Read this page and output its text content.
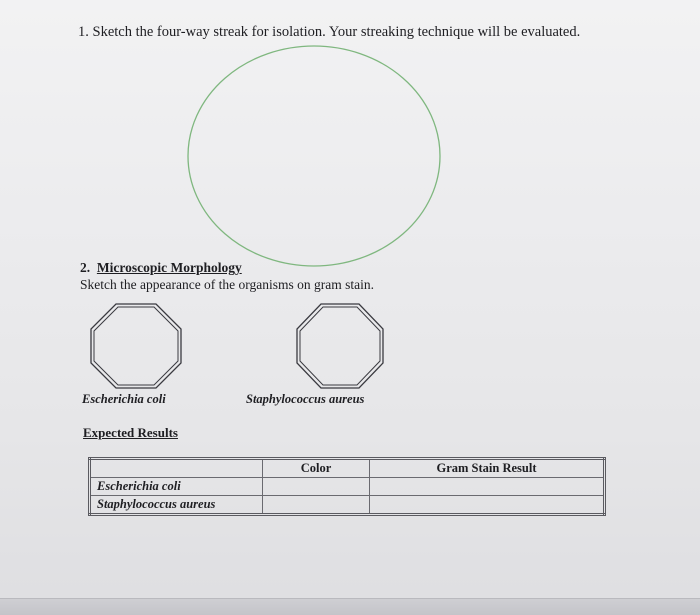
1. Sketch the four-way streak for isolation. Your streaking technique will be evaluated.
2. Microscopic Morphology
Sketch the appearance of the organisms on gram stain.
Escherichia coli	Staphylococcus aureus
Expected Results
	Color	Gram Stain Result
Escherichia coli		
Staphylococcus aureus		
